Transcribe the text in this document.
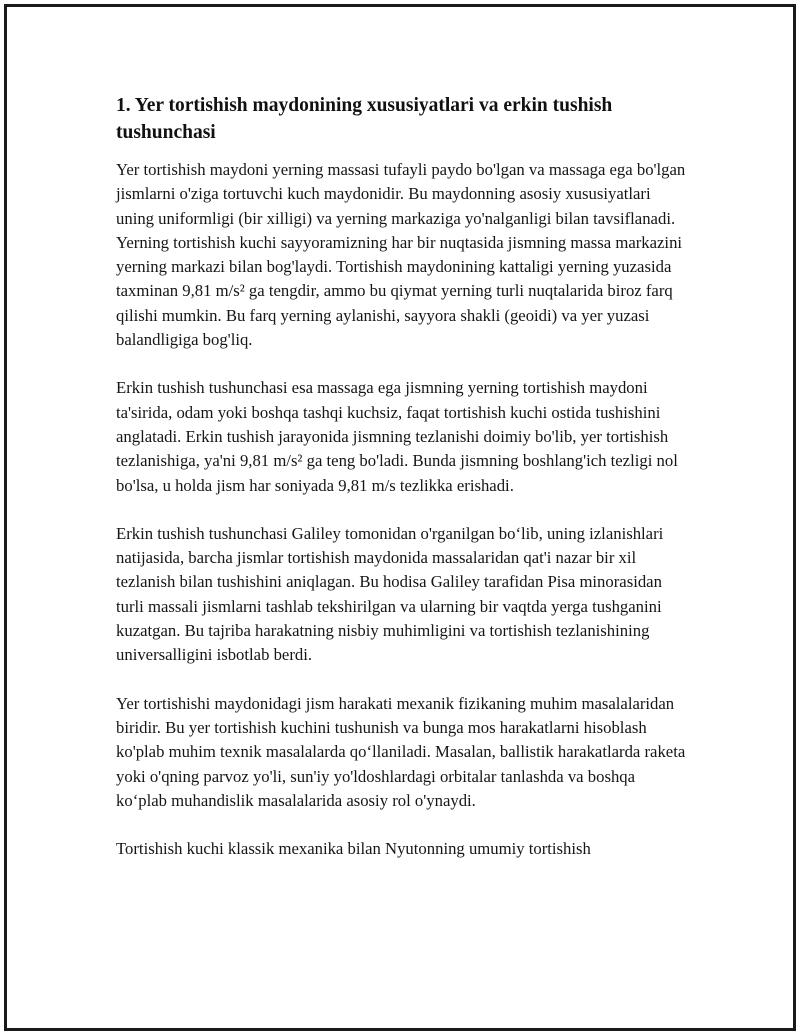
1. Yer tortishish maydonining xususiyatlari va erkin tushish tushunchasi

Yer tortishish maydoni yerning massasi tufayli paydo bo'lgan va massaga ega bo'lgan jismlarni o'ziga tortuvchi kuch maydonidir. Bu maydonning asosiy xususiyatlari uning uniformligi (bir xilligi) va yerning markaziga yo'nalganligi bilan tavsiflanadi. Yerning tortishish kuchi sayyoramizning har bir nuqtasida jismning massa markazini yerning markazi bilan bog'laydi. Tortishish maydonining kattaligi yerning yuzasida taxminan 9,81 m/s² ga tengdir, ammo bu qiymat yerning turli nuqtalarida biroz farq qilishi mumkin. Bu farq yerning aylanishi, sayyora shakli (geoidi) va yer yuzasi balandligiga bog'liq.

Erkin tushish tushunchasi esa massaga ega jismning yerning tortishish maydoni ta'sirida, odam yoki boshqa tashqi kuchsiz, faqat tortishish kuchi ostida tushishini anglatadi. Erkin tushish jarayonida jismning tezlanishi doimiy bo'lib, yer tortishish tezlanishiga, ya'ni 9,81 m/s² ga teng bo'ladi. Bunda jismning boshlang'ich tezligi nol bo'lsa, u holda jism har soniyada 9,81 m/s tezlikka erishadi.

Erkin tushish tushunchasi Galiley tomonidan o'rganilgan bo‘lib, uning izlanishlari natijasida, barcha jismlar tortishish maydonida massalaridan qat'i nazar bir xil tezlanish bilan tushishini aniqlagan. Bu hodisa Galiley tarafidan Pisa minorasidan turli massali jismlarni tashlab tekshirilgan va ularning bir vaqtda yerga tushganini kuzatgan. Bu tajriba harakatning nisbiy muhimligini va tortishish tezlanishining universalligini isbotlab berdi.

Yer tortishishi maydonidagi jism harakati mexanik fizikaning muhim masalalaridan biridir. Bu yer tortishish kuchini tushunish va bunga mos harakatlarni hisoblash ko'plab muhim texnik masalalarda qo‘llaniladi. Masalan, ballistik harakatlarda raketa yoki o'qning parvoz yo'li, sun'iy yo'ldoshlardagi orbitalar tanlashda va boshqa ko‘plab muhandislik masalalarida asosiy rol o'ynaydi.

Tortishish kuchi klassik mexanika bilan Nyutonning umumiy tortishish
